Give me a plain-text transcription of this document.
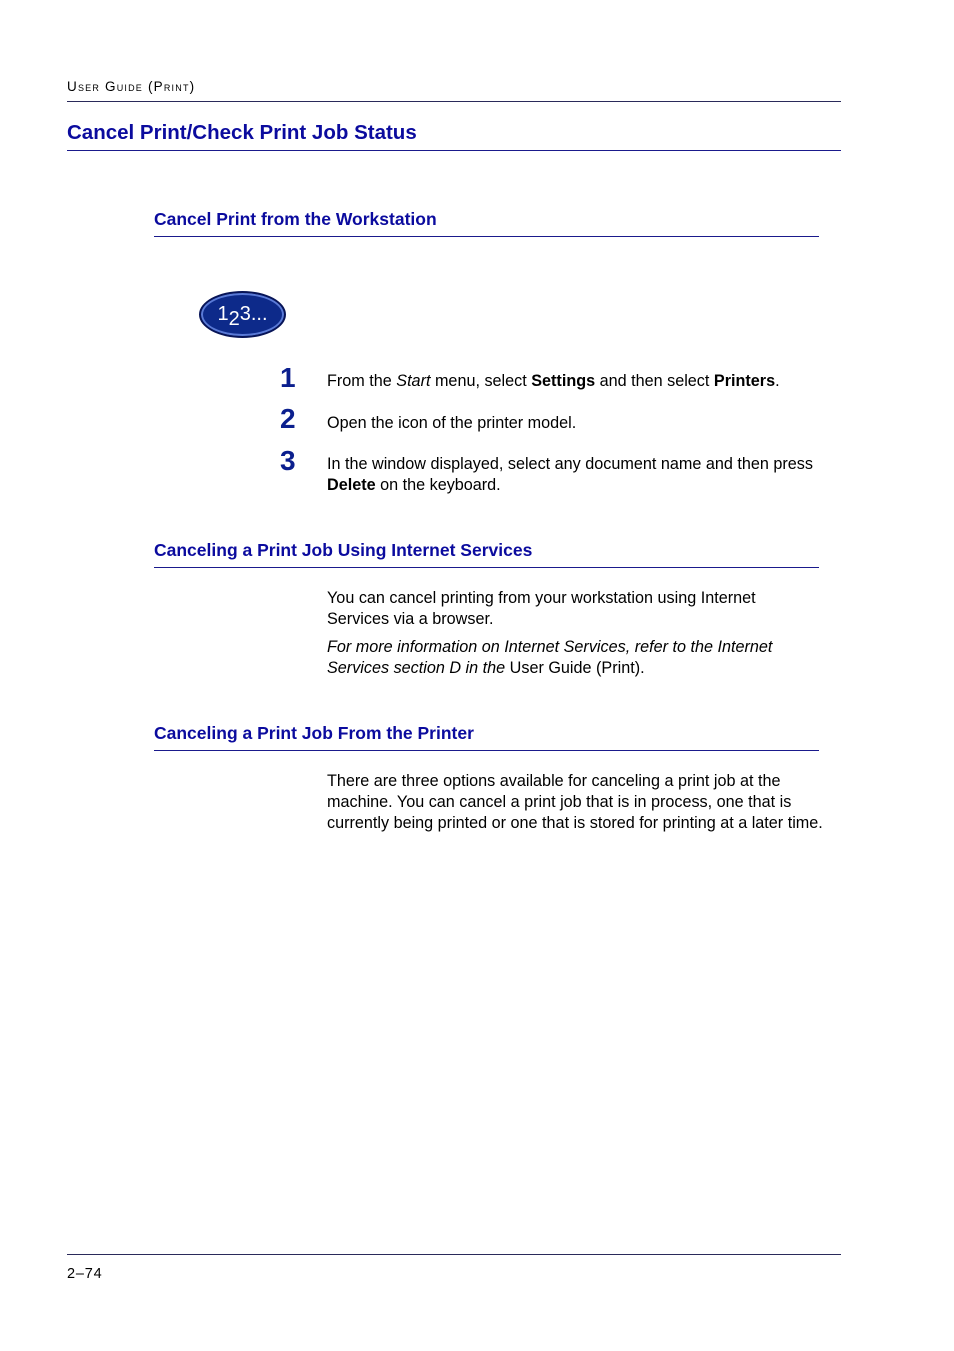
User Guide (Print)
Cancel Print/Check Print Job Status
Cancel Print from the Workstation
123...
1 From the Start menu, select Settings and then select Printers.

2 Open the icon of the printer model.

3 In the window displayed, select any document name and then press Delete on the keyboard.

Canceling a Print Job Using Internet Services

You can cancel printing from your workstation using Internet Services via a browser.

For more information on Internet Services, refer to the Internet Services section D in the User Guide (Print).

Canceling a Print Job From the Printer

There are three options available for canceling a print job at the machine. You can cancel a print job that is in process, one that is currently being printed or one that is stored for printing at a later time.

2–74
